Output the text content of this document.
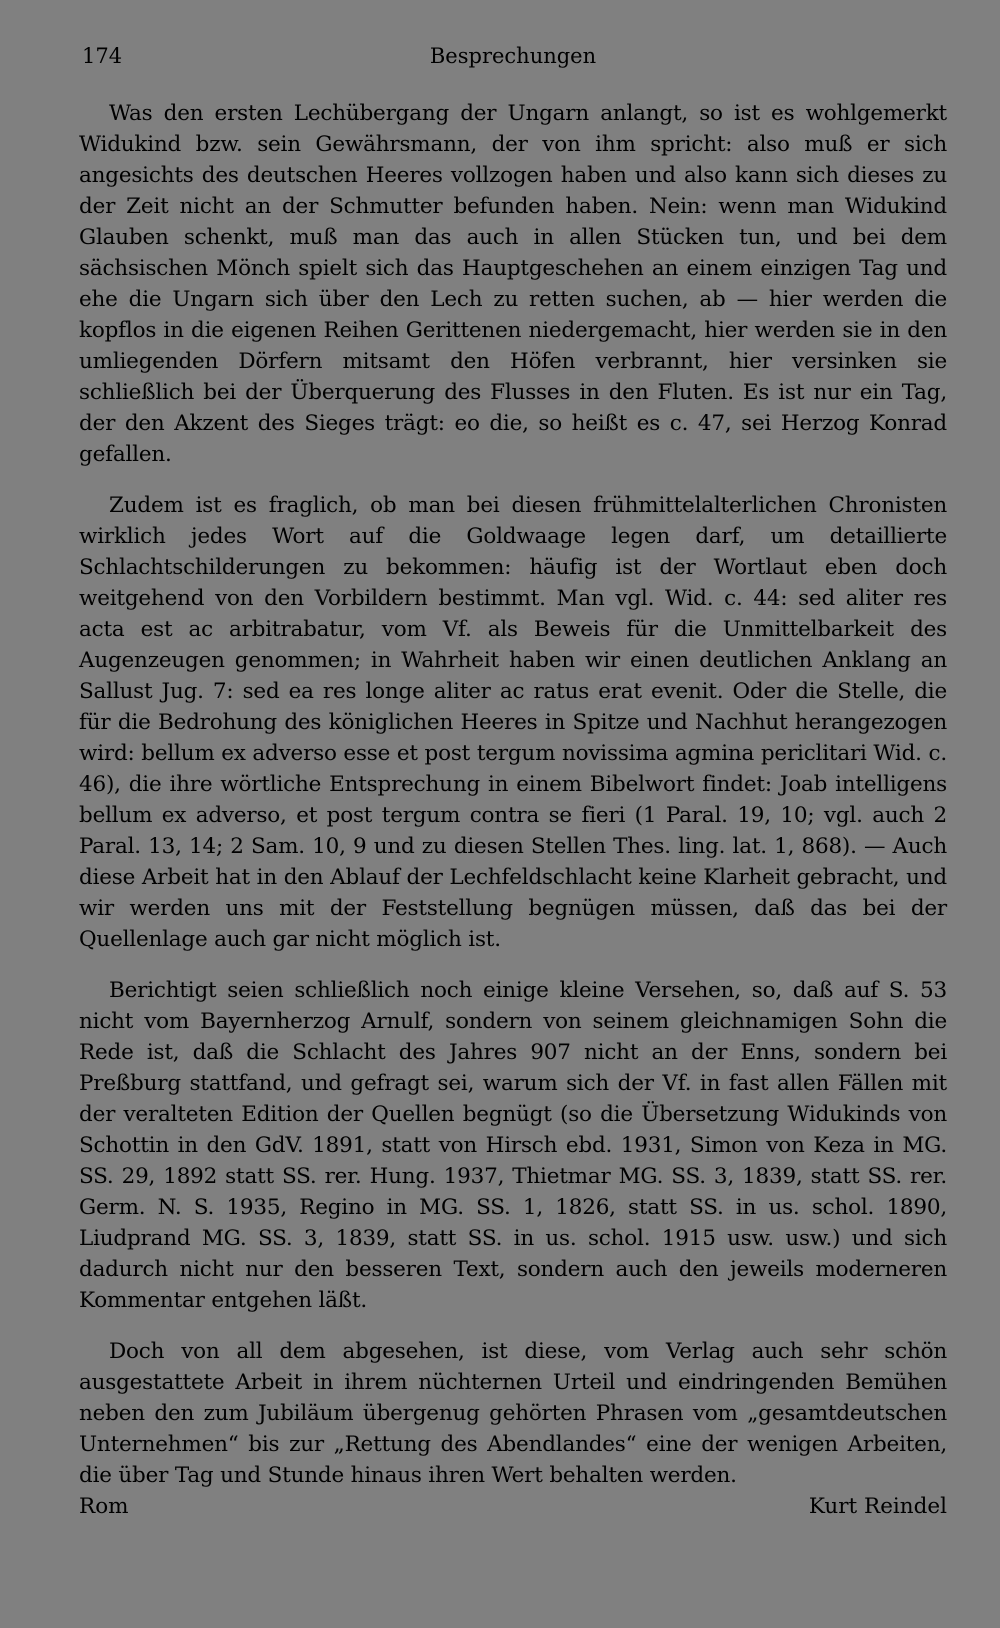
174	Besprechungen

Was den ersten Lechübergang der Ungarn anlangt, so ist es wohlgemerkt Widukind bzw. sein Gewährsmann, der von ihm spricht: also muß er sich angesichts des deutschen Heeres vollzogen haben und also kann sich dieses zu der Zeit nicht an der Schmutter befunden haben. Nein: wenn man Widukind Glauben schenkt, muß man das auch in allen Stücken tun, und bei dem sächsischen Mönch spielt sich das Hauptgeschehen an einem einzigen Tag und ehe die Ungarn sich über den Lech zu retten suchen, ab — hier werden die kopflos in die eigenen Reihen Gerittenen niedergemacht, hier werden sie in den umliegenden Dörfern mitsamt den Höfen verbrannt, hier versinken sie schließlich bei der Überquerung des Flusses in den Fluten. Es ist nur ein Tag, der den Akzent des Sieges trägt: eo die, so heißt es c. 47, sei Herzog Konrad gefallen.

Zudem ist es fraglich, ob man bei diesen frühmittelalterlichen Chronisten wirklich jedes Wort auf die Goldwaage legen darf, um detaillierte Schlachtschilderungen zu bekommen: häufig ist der Wortlaut eben doch weitgehend von den Vorbildern bestimmt. Man vgl. Wid. c. 44: sed aliter res acta est ac arbitrabatur, vom Vf. als Beweis für die Unmittelbarkeit des Augenzeugen genommen; in Wahrheit haben wir einen deutlichen Anklang an Sallust Jug. 7: sed ea res longe aliter ac ratus erat evenit. Oder die Stelle, die für die Bedrohung des königlichen Heeres in Spitze und Nachhut herangezogen wird: bellum ex adverso esse et post tergum novissima agmina periclitari Wid. c. 46), die ihre wörtliche Entsprechung in einem Bibelwort findet: Joab intelligens bellum ex adverso, et post tergum contra se fieri (1 Paral. 19, 10; vgl. auch 2 Paral. 13, 14; 2 Sam. 10, 9 und zu diesen Stellen Thes. ling. lat. 1, 868). — Auch diese Arbeit hat in den Ablauf der Lechfeldschlacht keine Klarheit gebracht, und wir werden uns mit der Feststellung begnügen müssen, daß das bei der Quellenlage auch gar nicht möglich ist.

Berichtigt seien schließlich noch einige kleine Versehen, so, daß auf S. 53 nicht vom Bayernherzog Arnulf, sondern von seinem gleichnamigen Sohn die Rede ist, daß die Schlacht des Jahres 907 nicht an der Enns, sondern bei Preßburg stattfand, und gefragt sei, warum sich der Vf. in fast allen Fällen mit der veralteten Edition der Quellen begnügt (so die Übersetzung Widukinds von Schottin in den GdV. 1891, statt von Hirsch ebd. 1931, Simon von Keza in MG. SS. 29, 1892 statt SS. rer. Hung. 1937, Thietmar MG. SS. 3, 1839, statt SS. rer. Germ. N. S. 1935, Regino in MG. SS. 1, 1826, statt SS. in us. schol. 1890, Liudprand MG. SS. 3, 1839, statt SS. in us. schol. 1915 usw. usw.) und sich dadurch nicht nur den besseren Text, sondern auch den jeweils moderneren Kommentar entgehen läßt.

Doch von all dem abgesehen, ist diese, vom Verlag auch sehr schön ausgestattete Arbeit in ihrem nüchternen Urteil und eindringenden Bemühen neben den zum Jubiläum übergenug gehörten Phrasen vom „gesamtdeutschen Unternehmen“ bis zur „Rettung des Abendlandes“ eine der wenigen Arbeiten, die über Tag und Stunde hinaus ihren Wert behalten werden.

Rom	Kurt Reindel
